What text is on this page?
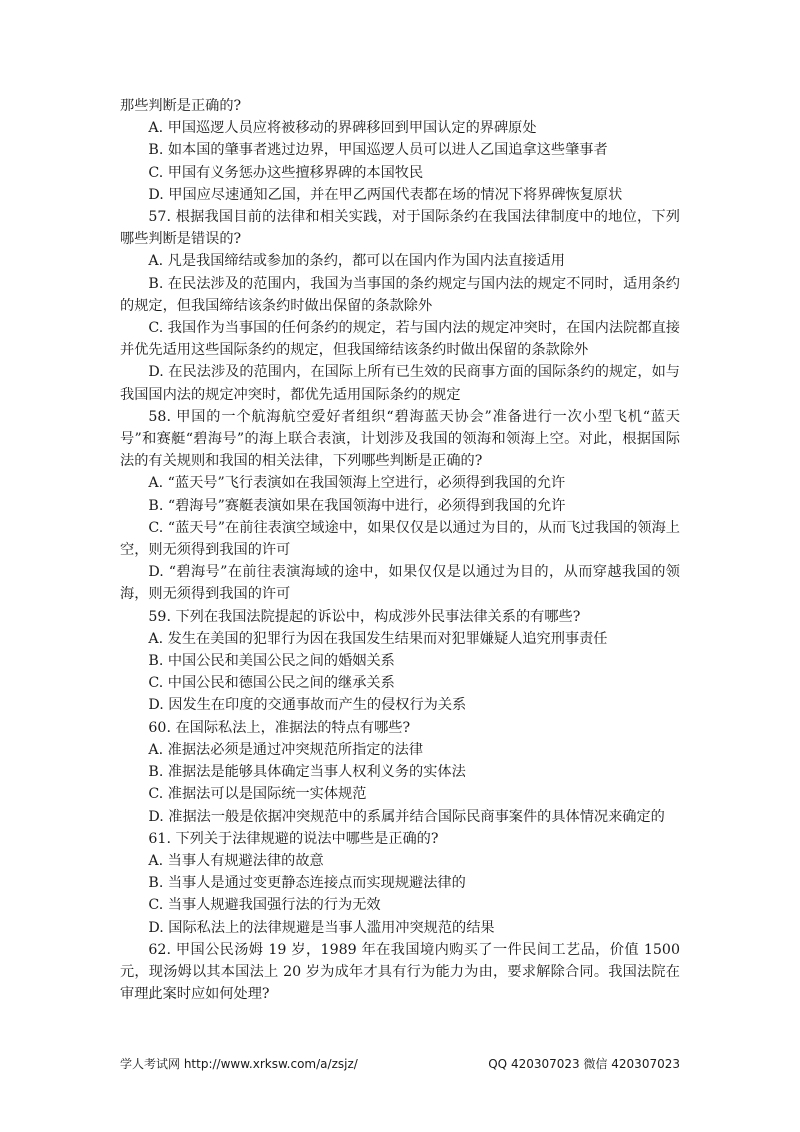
那些判断是正确的?

A. 甲国巡逻人员应将被移动的界碑移回到甲国认定的界碑原处

B. 如本国的肇事者逃过边界，甲国巡逻人员可以进人乙国追拿这些肇事者

C. 甲国有义务惩办这些擅移界碑的本国牧民

D. 甲国应尽速通知乙国，并在甲乙两国代表都在场的情况下将界碑恢复原状

57. 根据我国目前的法律和相关实践，对于国际条约在我国法律制度中的地位，下列哪些判断是错误的?

A. 凡是我国缔结或参加的条约，都可以在国内作为国内法直接适用

B. 在民法涉及的范围内，我国为当事国的条约规定与国内法的规定不同时，适用条约的规定，但我国缔结该条约时做出保留的条款除外

C. 我国作为当事国的任何条约的规定，若与国内法的规定冲突时，在国内法院都直接并优先适用这些国际条约的规定，但我国缔结该条约时做出保留的条款除外

D. 在民法涉及的范围内，在国际上所有已生效的民商事方面的国际条约的规定，如与我国国内法的规定冲突时，都优先适用国际条约的规定

58. 甲国的一个航海航空爱好者组织“碧海蓝天协会”准备进行一次小型飞机“蓝天号”和赛艇“碧海号”的海上联合表演，计划涉及我国的领海和领海上空。对此，根据国际法的有关规则和我国的相关法律，下列哪些判断是正确的?

A. “蓝天号”飞行表演如在我国领海上空进行，必须得到我国的允许

B. “碧海号”赛艇表演如果在我国领海中进行，必须得到我国的允许

C. “蓝天号”在前往表演空域途中，如果仅仅是以通过为目的，从而飞过我国的领海上空，则无须得到我国的许可

D. “碧海号”在前往表演海域的途中，如果仅仅是以通过为目的，从而穿越我国的领海，则无须得到我国的许可

59. 下列在我国法院提起的诉讼中，构成涉外民事法律关系的有哪些?

A. 发生在美国的犯罪行为因在我国发生结果而对犯罪嫌疑人追究刑事责任

B. 中国公民和美国公民之间的婚姻关系

C. 中国公民和德国公民之间的继承关系

D. 因发生在印度的交通事故而产生的侵权行为关系

60. 在国际私法上，准据法的特点有哪些?

A. 准据法必须是通过冲突规范所指定的法律

B. 准据法是能够具体确定当事人权利义务的实体法

C. 准据法可以是国际统一实体规范

D. 准据法一般是依据冲突规范中的系属并结合国际民商事案件的具体情况来确定的

61. 下列关于法律规避的说法中哪些是正确的?

A. 当事人有规避法律的故意

B. 当事人是通过变更静态连接点而实现规避法律的

C. 当事人规避我国强行法的行为无效

D. 国际私法上的法律规避是当事人滥用冲突规范的结果

62. 甲国公民汤姆 19 岁，1989 年在我国境内购买了一件民间工艺品，价值 1500 元，现汤姆以其本国法上 20 岁为成年才具有行为能力为由，要求解除合同。我国法院在审理此案时应如何处理?

学人考试网 http://www.xrksw.com/a/zsjz/	QQ 420307023 微信 420307023
